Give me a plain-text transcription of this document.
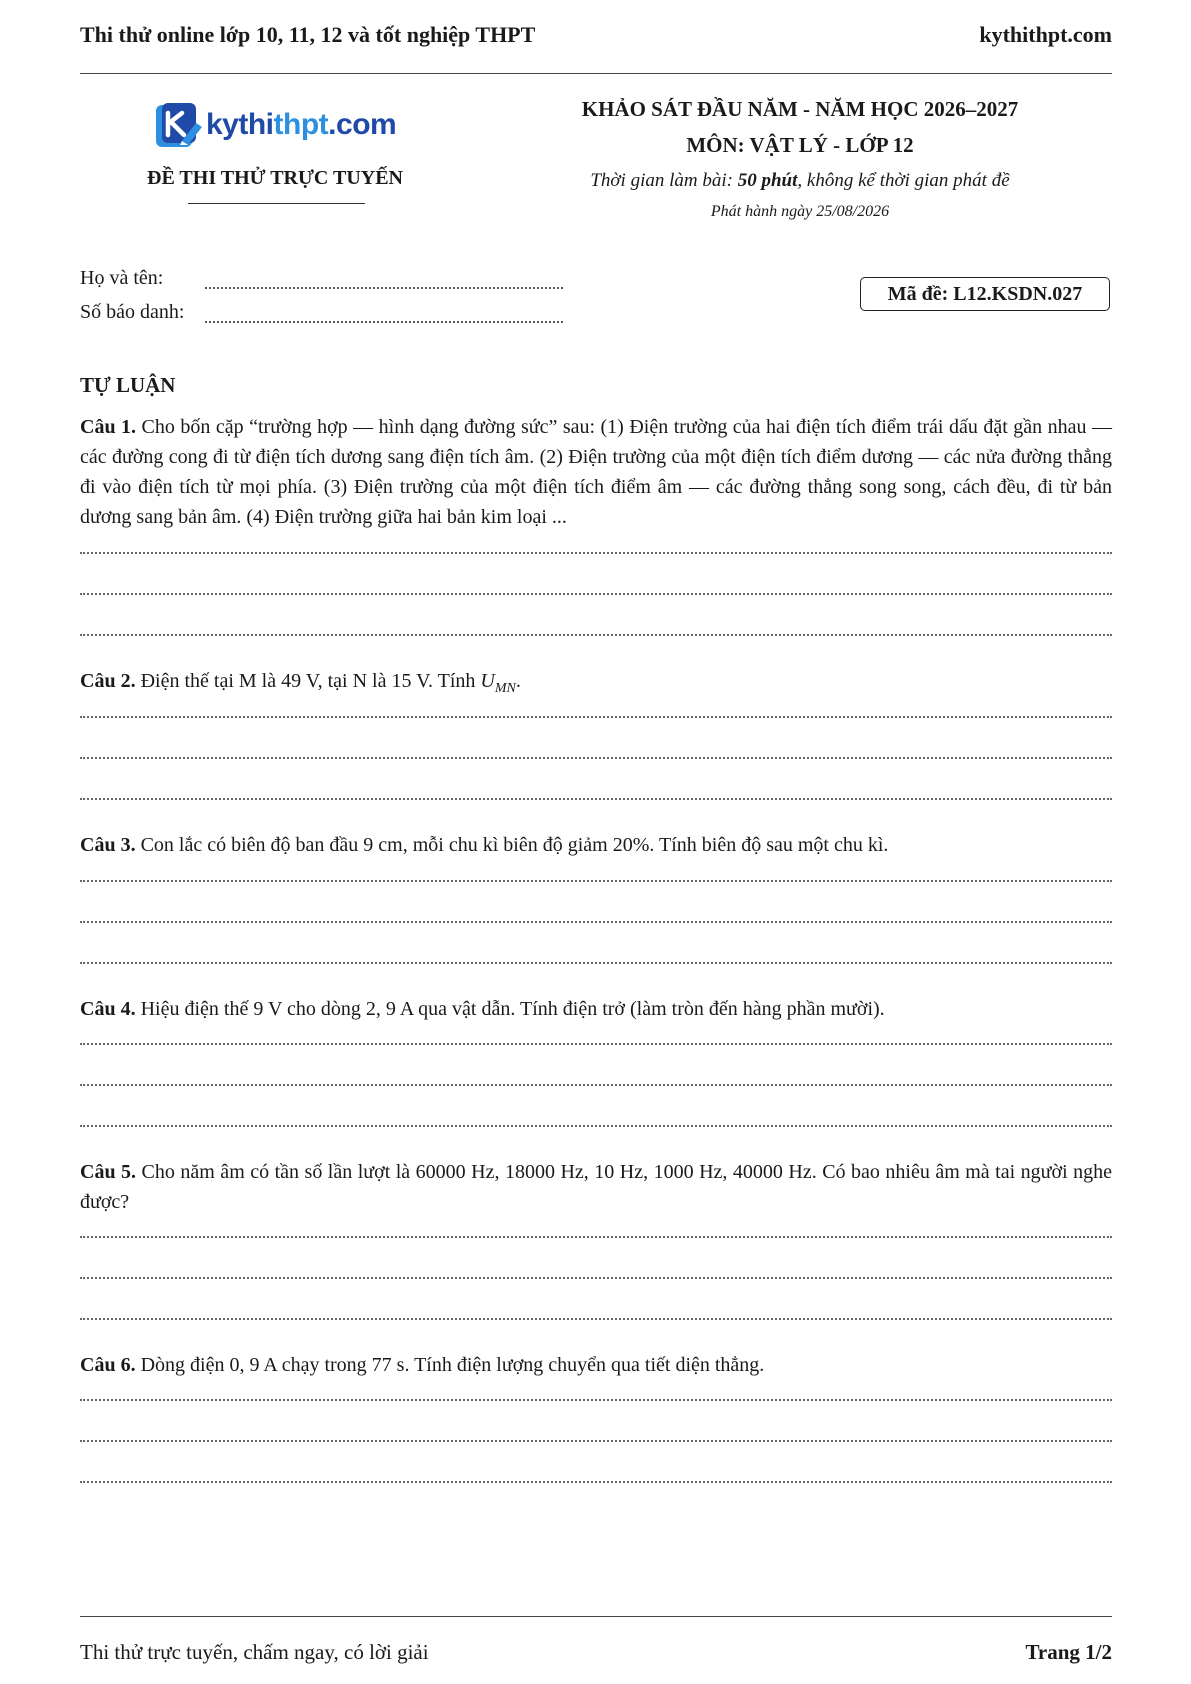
Thi thử online lớp 10, 11, 12 và tốt nghiệp THPT	kythithpt.com
kythithpt.com
ĐỀ THI THỬ TRỰC TUYẾN
KHẢO SÁT ĐẦU NĂM - NĂM HỌC 2026–2027
MÔN: VẬT LÝ - LỚP 12
Thời gian làm bài: 50 phút, không kể thời gian phát đề
Phát hành ngày 25/08/2026
Họ và tên:
Số báo danh:
Mã đề: L12.KSDN.027
TỰ LUẬN
Câu 1. Cho bốn cặp “trường hợp — hình dạng đường sức” sau: (1) Điện trường của hai điện tích điểm trái dấu đặt gần nhau — các đường cong đi từ điện tích dương sang điện tích âm. (2) Điện trường của một điện tích điểm dương — các nửa đường thẳng đi vào điện tích từ mọi phía. (3) Điện trường của một điện tích điểm âm — các đường thẳng song song, cách đều, đi từ bản dương sang bản âm. (4) Điện trường giữa hai bản kim loại ...
Câu 2. Điện thế tại M là 49 V, tại N là 15 V. Tính $U_{MN}$.
Câu 3. Con lắc có biên độ ban đầu 9 cm, mỗi chu kì biên độ giảm 20%. Tính biên độ sau một chu kì.
Câu 4. Hiệu điện thế 9 V cho dòng 2, 9 A qua vật dẫn. Tính điện trở (làm tròn đến hàng phần mười).
Câu 5. Cho năm âm có tần số lần lượt là 60000 Hz, 18000 Hz, 10 Hz, 1000 Hz, 40000 Hz. Có bao nhiêu âm mà tai người nghe được?
Câu 6. Dòng điện 0, 9 A chạy trong 77 s. Tính điện lượng chuyển qua tiết diện thẳng.
Thi thử trực tuyến, chấm ngay, có lời giải	Trang 1/2
